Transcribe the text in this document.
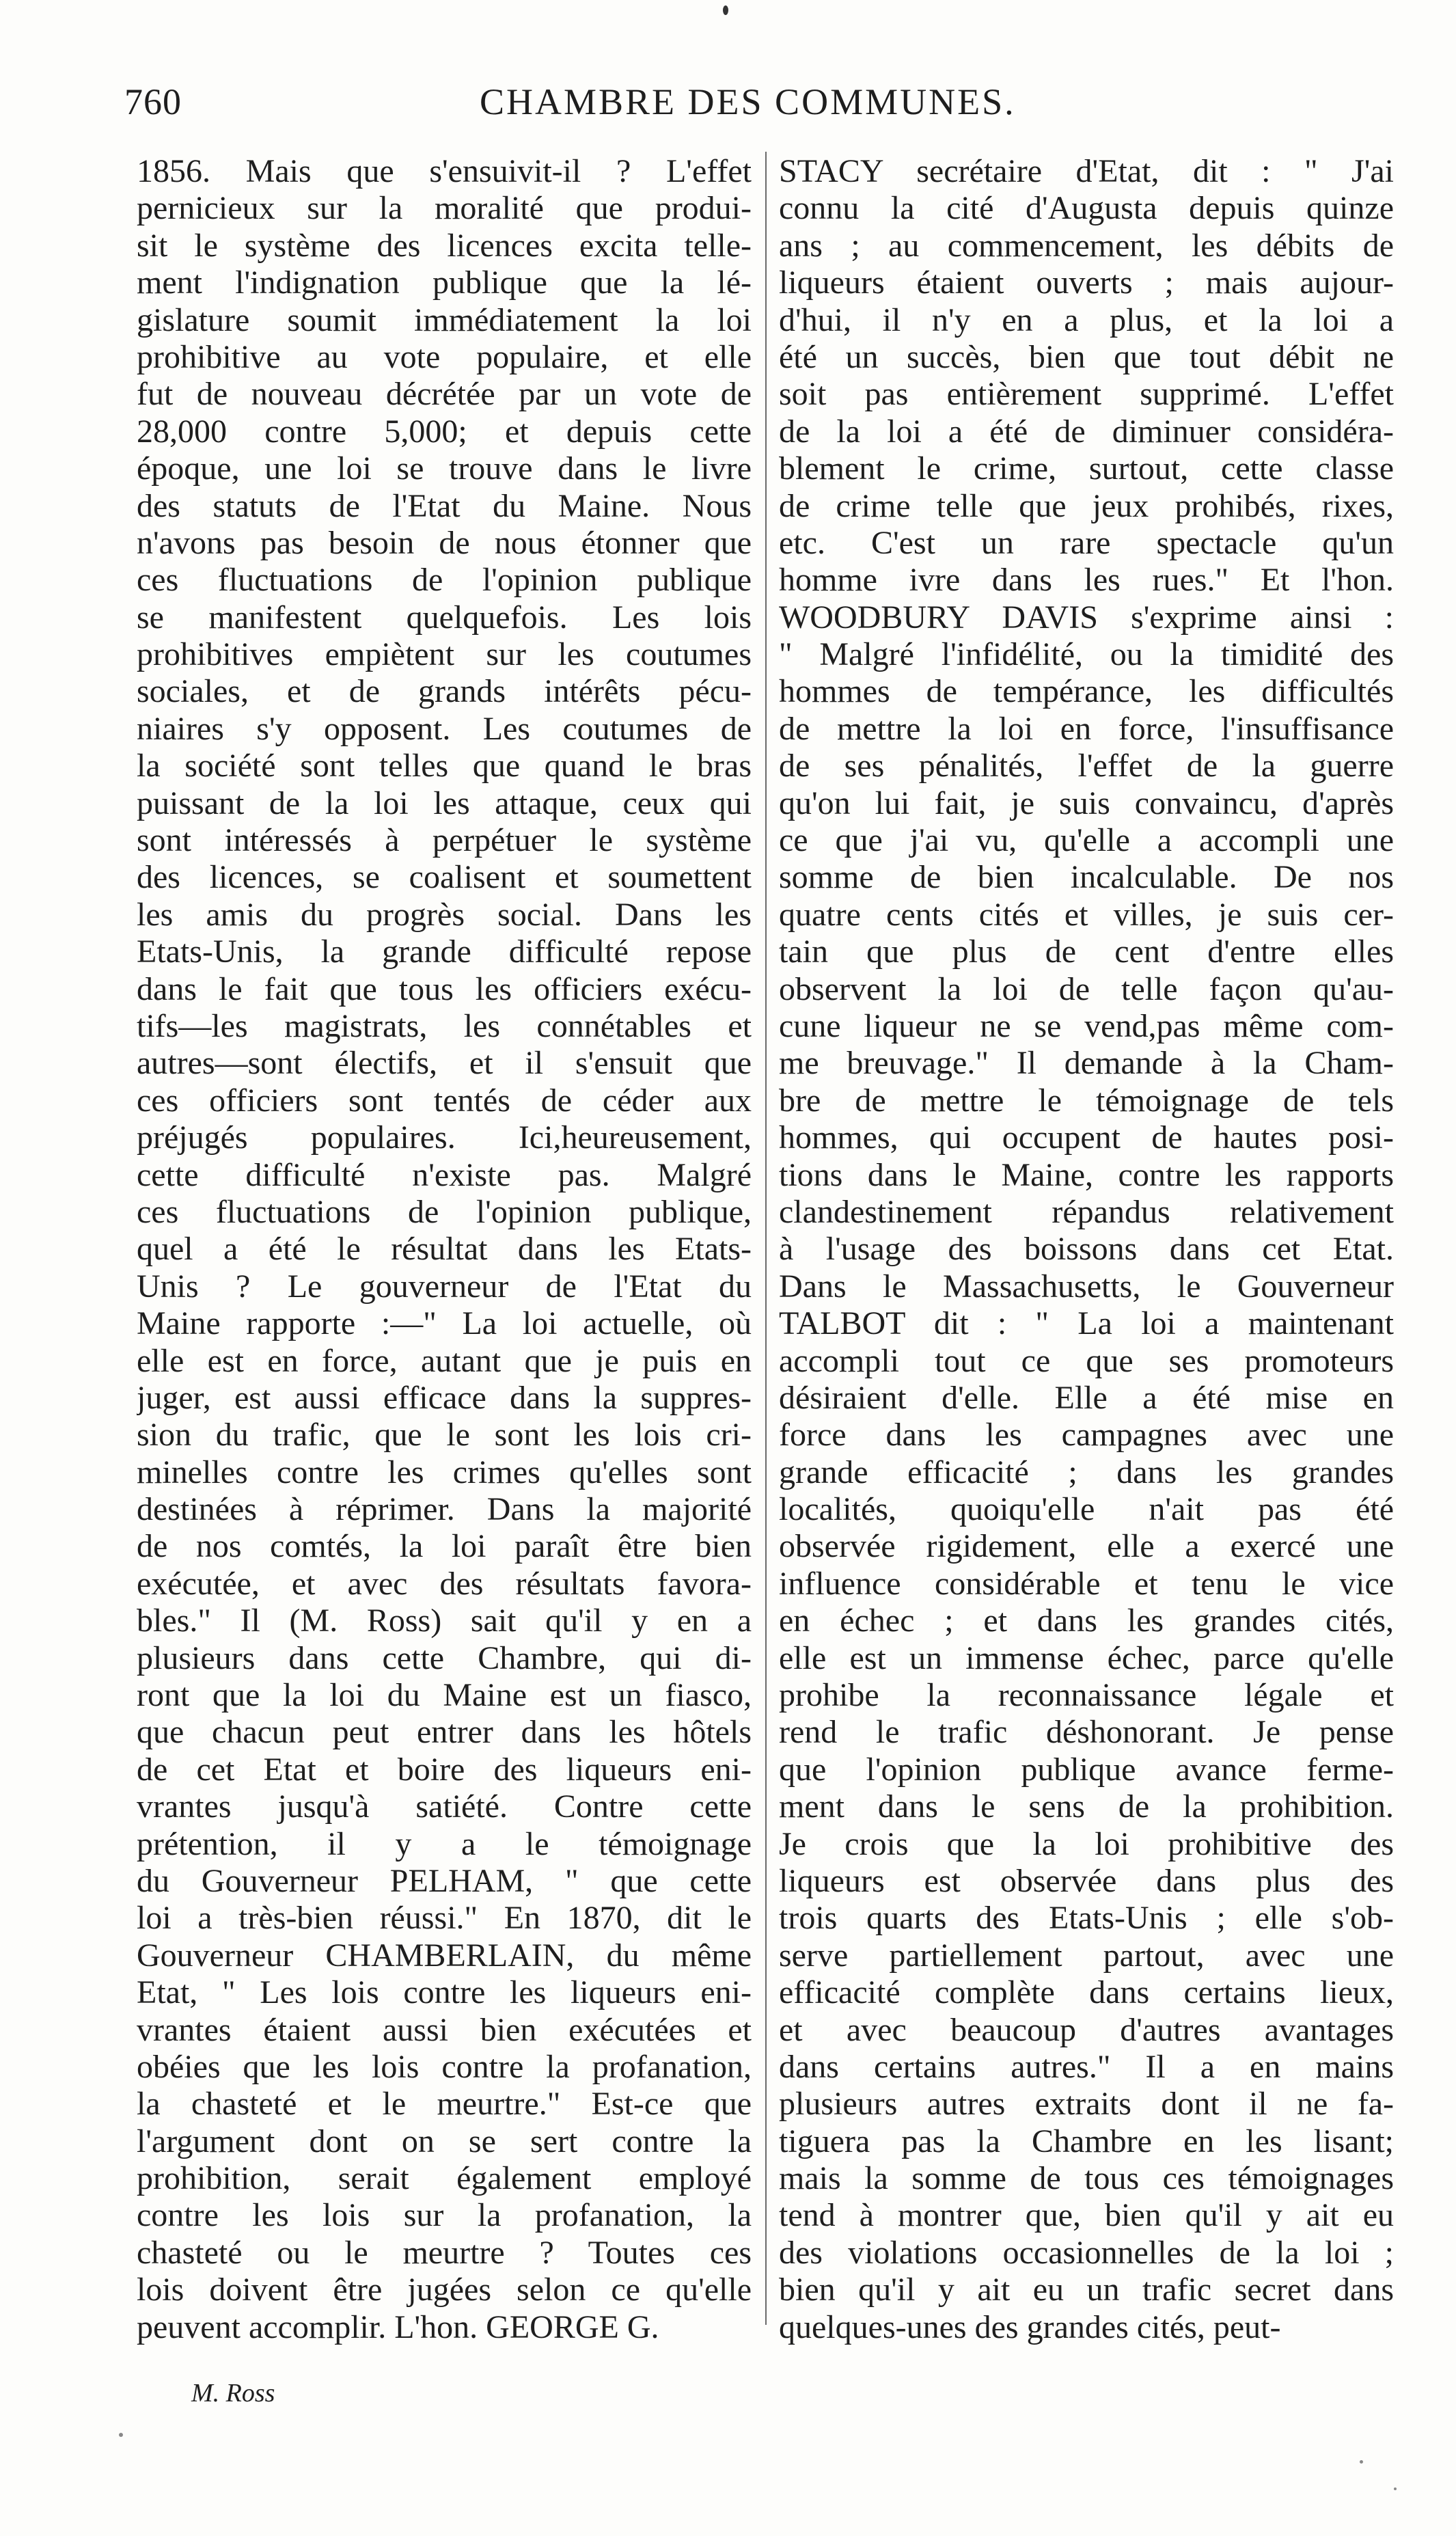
760	CHAMBRE DES COMMUNES.
1856. Mais que s'ensuivit-il ? L'effet
pernicieux sur la moralité que produi-
sit le système des licences excita telle-
ment l'indignation publique que la lé-
gislature soumit immédiatement la loi
prohibitive au vote populaire, et elle
fut de nouveau décrétée par un vote de
28,000 contre 5,000; et depuis cette
époque, une loi se trouve dans le livre
des statuts de l'Etat du Maine. Nous
n'avons pas besoin de nous étonner que
ces fluctuations de l'opinion publique
se manifestent quelquefois. Les lois
prohibitives empiètent sur les coutumes
sociales, et de grands intérêts pécu-
niaires s'y opposent. Les coutumes de
la société sont telles que quand le bras
puissant de la loi les attaque, ceux qui
sont intéressés à perpétuer le système
des licences, se coalisent et soumettent
les amis du progrès social. Dans les
Etats-Unis, la grande difficulté repose
dans le fait que tous les officiers exécu-
tifs—les magistrats, les connétables et
autres—sont électifs, et il s'ensuit que
ces officiers sont tentés de céder aux
préjugés populaires. Ici,heureusement,
cette difficulté n'existe pas. Malgré
ces fluctuations de l'opinion publique,
quel a été le résultat dans les Etats-
Unis ? Le gouverneur de l'Etat du
Maine rapporte :—" La loi actuelle, où
elle est en force, autant que je puis en
juger, est aussi efficace dans la suppres-
sion du trafic, que le sont les lois cri-
minelles contre les crimes qu'elles sont
destinées à réprimer. Dans la majorité
de nos comtés, la loi paraît être bien
exécutée, et avec des résultats favora-
bles." Il (M. Ross) sait qu'il y en a
plusieurs dans cette Chambre, qui di-
ront que la loi du Maine est un fiasco,
que chacun peut entrer dans les hôtels
de cet Etat et boire des liqueurs eni-
vrantes jusqu'à satiété. Contre cette
prétention, il y a le témoignage
du Gouverneur PELHAM, " que cette
loi a très-bien réussi." En 1870, dit le
Gouverneur CHAMBERLAIN, du même
Etat, " Les lois contre les liqueurs eni-
vrantes étaient aussi bien exécutées et
obéies que les lois contre la profanation,
la chasteté et le meurtre." Est-ce que
l'argument dont on se sert contre la
prohibition, serait également employé
contre les lois sur la profanation, la
chasteté ou le meurtre ? Toutes ces
lois doivent être jugées selon ce qu'elle
peuvent accomplir. L'hon. GEORGE G.
STACY secrétaire d'Etat, dit : " J'ai
connu la cité d'Augusta depuis quinze
ans ; au commencement, les débits de
liqueurs étaient ouverts ; mais aujour-
d'hui, il n'y en a plus, et la loi a
été un succès, bien que tout débit ne
soit pas entièrement supprimé. L'effet
de la loi a été de diminuer considéra-
blement le crime, surtout, cette classe
de crime telle que jeux prohibés, rixes,
etc. C'est un rare spectacle qu'un
homme ivre dans les rues." Et l'hon.
WOODBURY DAVIS s'exprime ainsi :
" Malgré l'infidélité, ou la timidité des
hommes de tempérance, les difficultés
de mettre la loi en force, l'insuffisance
de ses pénalités, l'effet de la guerre
qu'on lui fait, je suis convaincu, d'après
ce que j'ai vu, qu'elle a accompli une
somme de bien incalculable. De nos
quatre cents cités et villes, je suis cer-
tain que plus de cent d'entre elles
observent la loi de telle façon qu'au-
cune liqueur ne se vend,pas même com-
me breuvage." Il demande à la Cham-
bre de mettre le témoignage de tels
hommes, qui occupent de hautes posi-
tions dans le Maine, contre les rapports
clandestinement répandus relativement
à l'usage des boissons dans cet Etat.
Dans le Massachusetts, le Gouverneur
TALBOT dit : " La loi a maintenant
accompli tout ce que ses promoteurs
désiraient d'elle. Elle a été mise en
force dans les campagnes avec une
grande efficacité ; dans les grandes
localités, quoiqu'elle n'ait pas été
observée rigidement, elle a exercé une
influence considérable et tenu le vice
en échec ; et dans les grandes cités,
elle est un immense échec, parce qu'elle
prohibe la reconnaissance légale et
rend le trafic déshonorant. Je pense
que l'opinion publique avance ferme-
ment dans le sens de la prohibition.
Je crois que la loi prohibitive des
liqueurs est observée dans plus des
trois quarts des Etats-Unis ; elle s'ob-
serve partiellement partout, avec une
efficacité complète dans certains lieux,
et avec beaucoup d'autres avantages
dans certains autres." Il a en mains
plusieurs autres extraits dont il ne fa-
tiguera pas la Chambre en les lisant;
mais la somme de tous ces témoignages
tend à montrer que, bien qu'il y ait eu
des violations occasionnelles de la loi ;
bien qu'il y ait eu un trafic secret dans
quelques-unes des grandes cités, peut-
M. Ross
